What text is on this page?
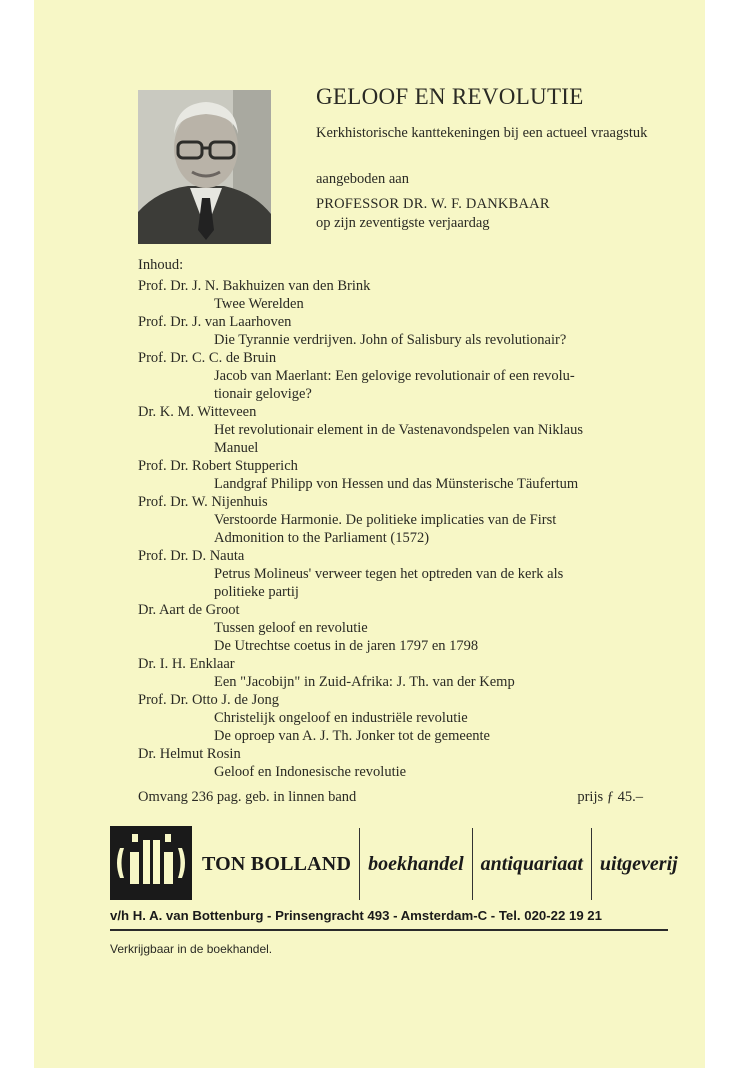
GELOOF EN REVOLUTIE
Kerkhistorische kanttekeningen bij een actueel vraagstuk
aangeboden aan
PROFESSOR DR. W. F. DANKBAAR
op zijn zeventigste verjaardag
Inhoud:
Prof. Dr. J. N. Bakhuizen van den Brink
Twee Werelden
Prof. Dr. J. van Laarhoven
Die Tyrannie verdrijven. John of Salisbury als revolutionair?
Prof. Dr. C. C. de Bruin
Jacob van Maerlant: Een gelovige revolutionair of een revolu-
tionair gelovige?
Dr. K. M. Witteveen
Het revolutionair element in de Vastenavondspelen van Niklaus
Manuel
Prof. Dr. Robert Stupperich
Landgraf Philipp von Hessen und das Münsterische Täufertum
Prof. Dr. W. Nijenhuis
Verstoorde Harmonie. De politieke implicaties van de First
Admonition to the Parliament (1572)
Prof. Dr. D. Nauta
Petrus Molineus' verweer tegen het optreden van de kerk als
politieke partij
Dr. Aart de Groot
Tussen geloof en revolutie
De Utrechtse coetus in de jaren 1797 en 1798
Dr. I. H. Enklaar
Een "Jacobijn" in Zuid-Afrika: J. Th. van der Kemp
Prof. Dr. Otto J. de Jong
Christelijk ongeloof en industriële revolutie
De oproep van A. J. Th. Jonker tot de gemeente
Dr. Helmut Rosin
Geloof en Indonesische revolutie
Omvang 236 pag. geb. in linnen band	prijs ƒ 45.–
TON BOLLAND boekhandel antiquariaat uitgeverij
v/h H. A. van Bottenburg - Prinsengracht 493 - Amsterdam-C - Tel. 020-22 19 21
Verkrijgbaar in de boekhandel.
